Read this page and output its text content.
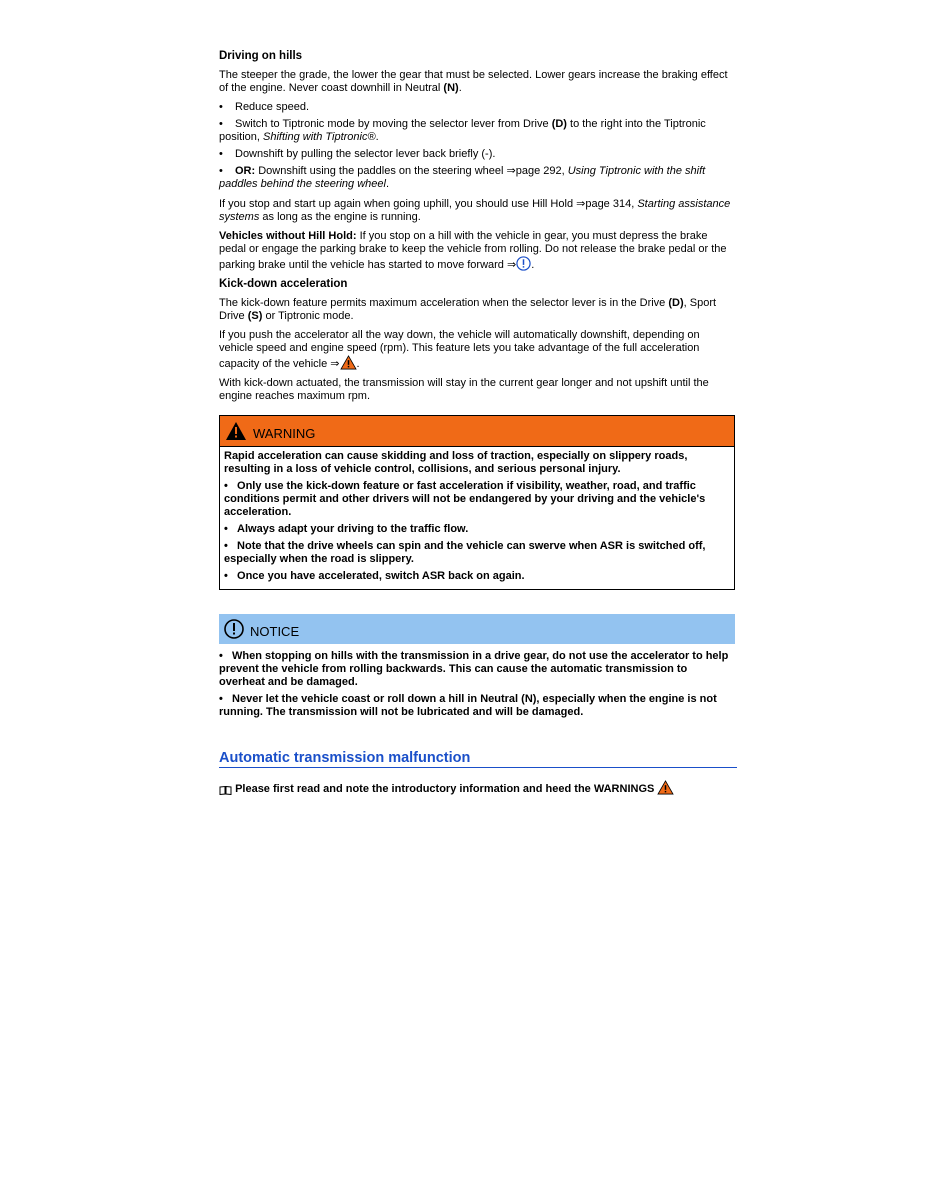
Driving on hills

The steeper the grade, the lower the gear that must be selected. Lower gears increase the braking effect of the engine. Never coast downhill in Neutral (N).

• Reduce speed.
• Switch to Tiptronic mode by moving the selector lever from Drive (D) to the right into the Tiptronic position, Shifting with Tiptronic®.
• Downshift by pulling the selector lever back briefly (-).
• OR: Downshift using the paddles on the steering wheel ⇒page 292, Using Tiptronic with the shift paddles behind the steering wheel.

If you stop and start up again when going uphill, you should use Hill Hold ⇒page 314, Starting assistance systems as long as the engine is running.

Vehicles without Hill Hold: If you stop on a hill with the vehicle in gear, you must depress the brake pedal or engage the parking brake to keep the vehicle from rolling. Do not release the brake pedal or the parking brake until the vehicle has started to move forward ⇒ .

Kick-down acceleration

The kick-down feature permits maximum acceleration when the selector lever is in the Drive (D), Sport Drive (S) or Tiptronic mode.

If you push the accelerator all the way down, the vehicle will automatically downshift, depending on vehicle speed and engine speed (rpm). This feature lets you take advantage of the full acceleration capacity of the vehicle ⇒ .

With kick-down actuated, the transmission will stay in the current gear longer and not upshift until the engine reaches maximum rpm.

WARNING

Rapid acceleration can cause skidding and loss of traction, especially on slippery roads, resulting in a loss of vehicle control, collisions, and serious personal injury.

• Only use the kick-down feature or fast acceleration if visibility, weather, road, and traffic conditions permit and other drivers will not be endangered by your driving and the vehicle's acceleration.

• Always adapt your driving to the traffic flow.

• Note that the drive wheels can spin and the vehicle can swerve when ASR is switched off, especially when the road is slippery.

• Once you have accelerated, switch ASR back on again.

NOTICE

• When stopping on hills with the transmission in a drive gear, do not use the accelerator to help prevent the vehicle from rolling backwards. This can cause the automatic transmission to overheat and be damaged.

• Never let the vehicle coast or roll down a hill in Neutral (N), especially when the engine is not running. The transmission will not be lubricated and will be damaged.

Automatic transmission malfunction
Please first read and note the introductory information and heed the WARNINGS
